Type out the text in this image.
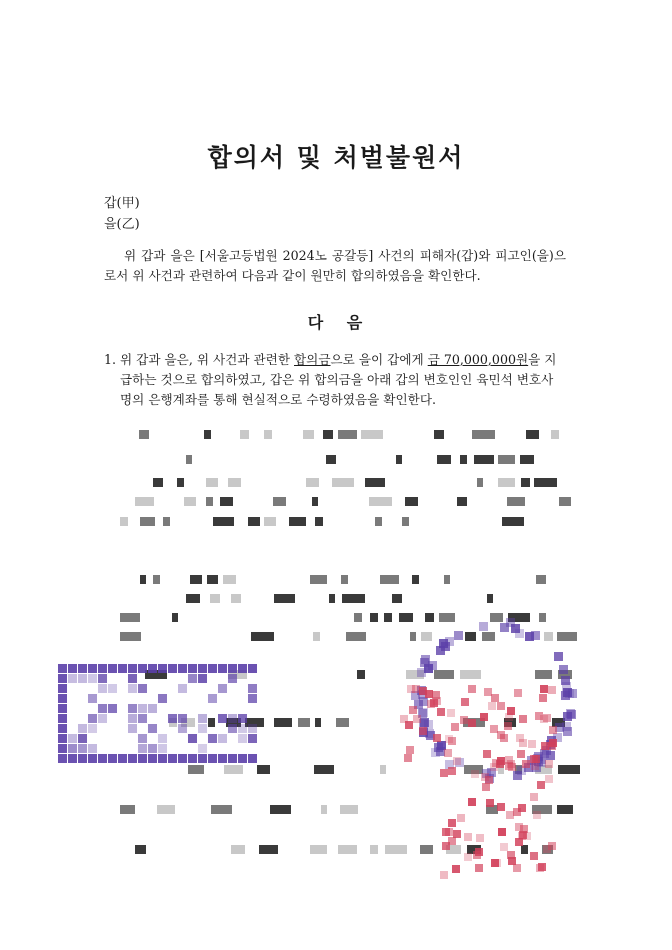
합의서 및 처벌불원서
갑(甲)
을(乙)
위 갑과 을은 [서울고등법원 2024노 공갈등] 사건의 피해자(갑)와 피고인(을)으로서 위 사건과 관련하여 다음과 같이 원만히 합의하였음을 확인한다.
다 음
1. 위 갑과 을은, 위 사건과 관련한 합의금으로 을이 갑에게 금 70,000,000원을 지급하는 것으로 합의하였고, 갑은 위 합의금을 아래 갑의 변호인인 육민석 변호사 명의 은행계좌를 통해 현실적으로 수령하였음을 확인한다.
